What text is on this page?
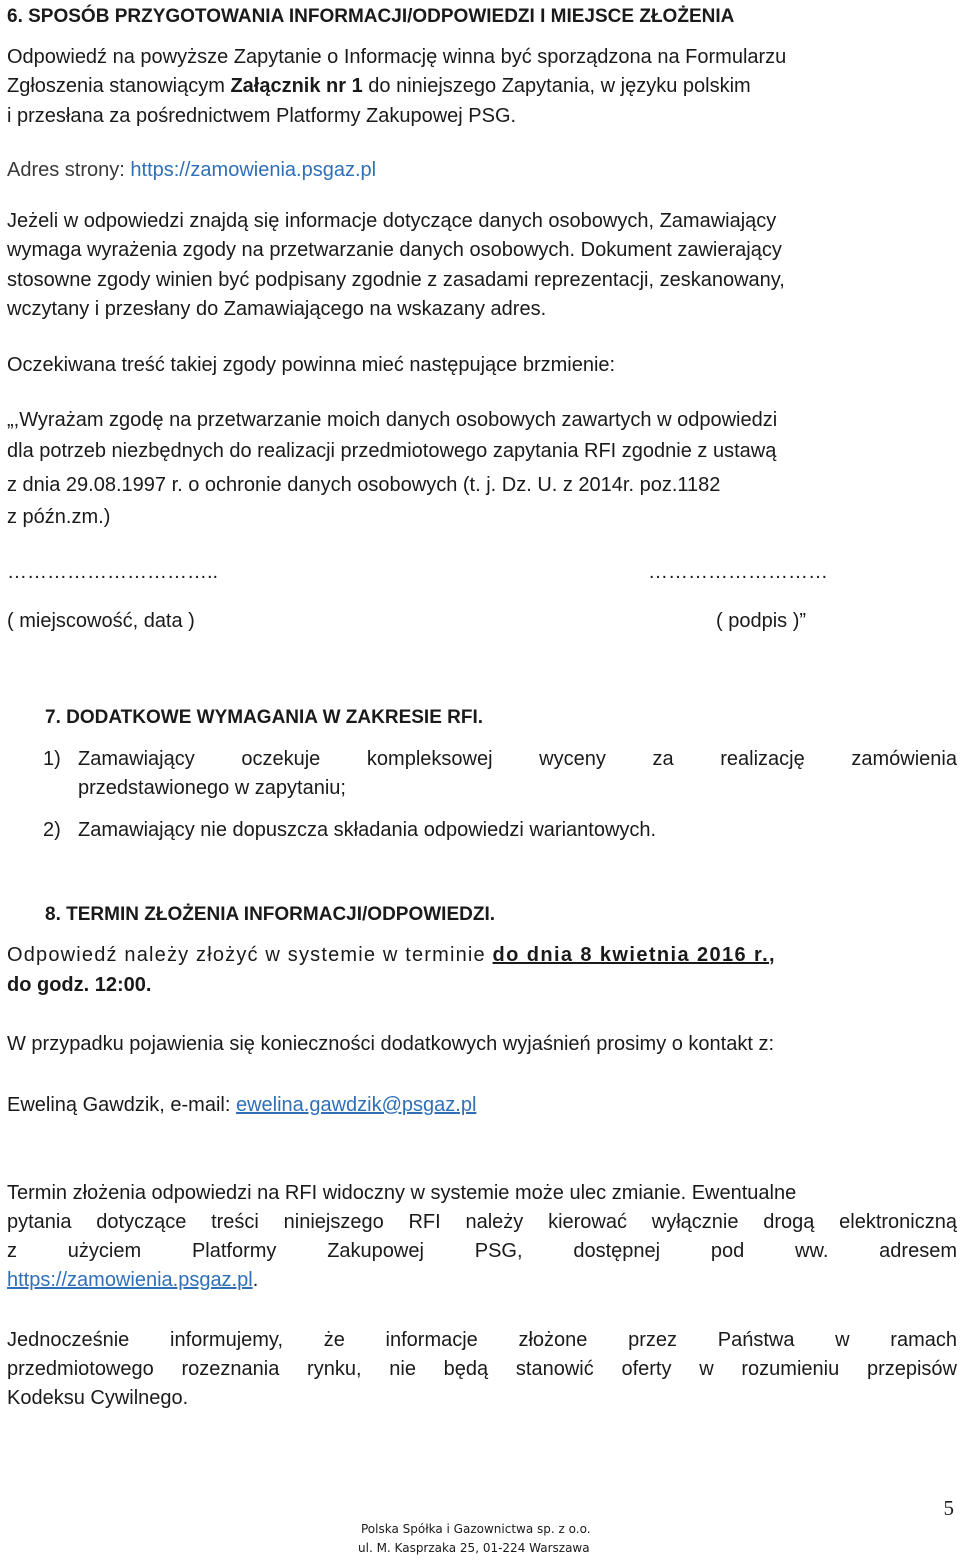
6. SPOSÓB PRZYGOTOWANIA INFORMACJI/ODPOWIEDZI I MIEJSCE ZŁOŻENIA
Odpowiedź na powyższe Zapytanie o Informację winna być sporządzona na Formularzu
Zgłoszenia stanowiącym Załącznik nr 1 do niniejszego Zapytania, w języku polskim
i przesłana za pośrednictwem Platformy Zakupowej PSG.
Adres strony: https://zamowienia.psgaz.pl
Jeżeli w odpowiedzi znajdą się informacje dotyczące danych osobowych, Zamawiający
wymaga wyrażenia zgody na przetwarzanie danych osobowych. Dokument zawierający
stosowne zgody winien być podpisany zgodnie z zasadami reprezentacji, zeskanowany,
wczytany i przesłany do Zamawiającego na wskazany adres.
Oczekiwana treść takiej zgody powinna mieć następujące brzmienie:
„,Wyrażam zgodę na przetwarzanie moich danych osobowych zawartych w odpowiedzi
dla potrzeb niezbędnych do realizacji przedmiotowego zapytania RFI zgodnie z ustawą
z dnia 29.08.1997 r. o ochronie danych osobowych (t. j. Dz. U. z 2014r. poz.1182
z późn.zm.)
…………………………..	………………………
( miejscowość, data )	( podpis )”
7. DODATKOWE WYMAGANIA W ZAKRESIE RFI.
1) Zamawiający oczekuje kompleksowej wyceny za realizację zamówienia
przedstawionego w zapytaniu;
2) Zamawiający nie dopuszcza składania odpowiedzi wariantowych.
8. TERMIN ZŁOŻENIA INFORMACJI/ODPOWIEDZI.
Odpowiedź należy złożyć w systemie w terminie do dnia 8 kwietnia 2016 r.,
do godz. 12:00.
W przypadku pojawienia się konieczności dodatkowych wyjaśnień prosimy o kontakt z:
Eweliną Gawdzik, e-mail: ewelina.gawdzik@psgaz.pl
Termin złożenia odpowiedzi na RFI widoczny w systemie może ulec zmianie. Ewentualne
pytania dotyczące treści niniejszego RFI należy kierować wyłącznie drogą elektroniczną
z użyciem Platformy Zakupowej PSG, dostępnej pod ww. adresem
https://zamowienia.psgaz.pl.
Jednocześnie informujemy, że informacje złożone przez Państwa w ramach
przedmiotowego rozeznania rynku, nie będą stanowić oferty w rozumieniu przepisów
Kodeksu Cywilnego.
5
Polska Spółka i Gazownictwa sp. z o.o.
ul. M. Kasprzaka 25, 01-224 Warszawa
